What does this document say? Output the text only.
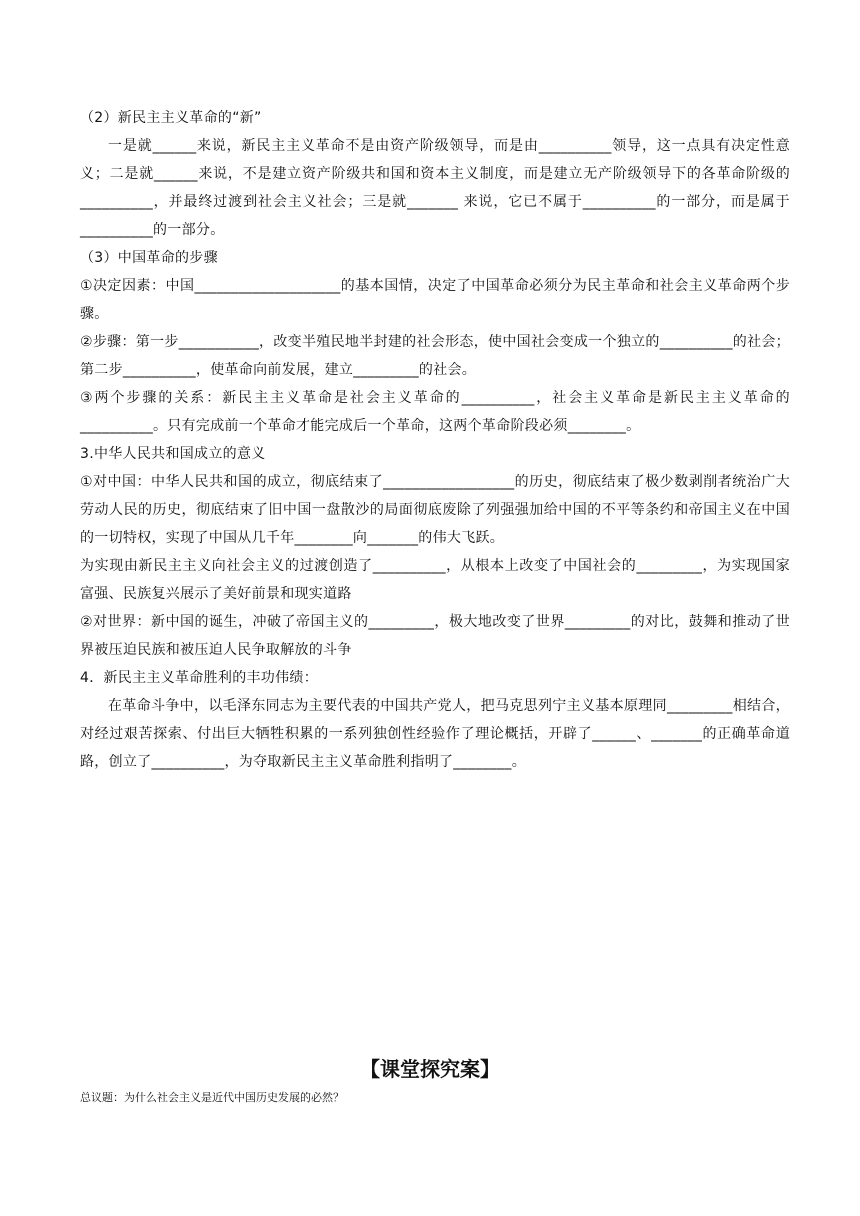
（2）新民主主义革命的“新”

一是就______来说，新民主主义革命不是由资产阶级领导，而是由__________领导，这一点具有决定性意义；二是就______来说，不是建立资产阶级共和国和资本主义制度，而是建立无产阶级领导下的各革命阶级的__________，并最终过渡到社会主义社会；三是就_______ 来说，它已不属于__________的一部分，而是属于__________的一部分。

（3）中国革命的步骤

①决定因素：中国____________________的基本国情，决定了中国革命必须分为民主革命和社会主义革命两个步骤。

②步骤：第一步___________，改变半殖民地半封建的社会形态，使中国社会变成一个独立的__________的社会；第二步__________，使革命向前发展，建立_________的社会。

③两个步骤的关系：新民主主义革命是社会主义革命的__________，社会主义革命是新民主主义革命的__________。只有完成前一个革命才能完成后一个革命，这两个革命阶段必须________。

3.中华人民共和国成立的意义

①对中国：中华人民共和国的成立，彻底结束了__________________的历史，彻底结束了极少数剥削者统治广大劳动人民的历史，彻底结束了旧中国一盘散沙的局面彻底废除了列强强加给中国的不平等条约和帝国主义在中国的一切特权，实现了中国从几千年________向_______的伟大飞跃。

为实现由新民主主义向社会主义的过渡创造了__________，从根本上改变了中国社会的_________，为实现国家富强、民族复兴展示了美好前景和现实道路

②对世界：新中国的诞生，冲破了帝国主义的_________，极大地改变了世界_________的对比，鼓舞和推动了世界被压迫民族和被压迫人民争取解放的斗争

4．新民主主义革命胜利的丰功伟绩：

在革命斗争中，以毛泽东同志为主要代表的中国共产党人，把马克思列宁主义基本原理同_________相结合，对经过艰苦探索、付出巨大牺牲积累的一系列独创性经验作了理论概括，开辟了______、_______的正确革命道路，创立了__________，为夺取新民主主义革命胜利指明了________。

【课堂探究案】
总议题：为什么社会主义是近代中国历史发展的必然？
